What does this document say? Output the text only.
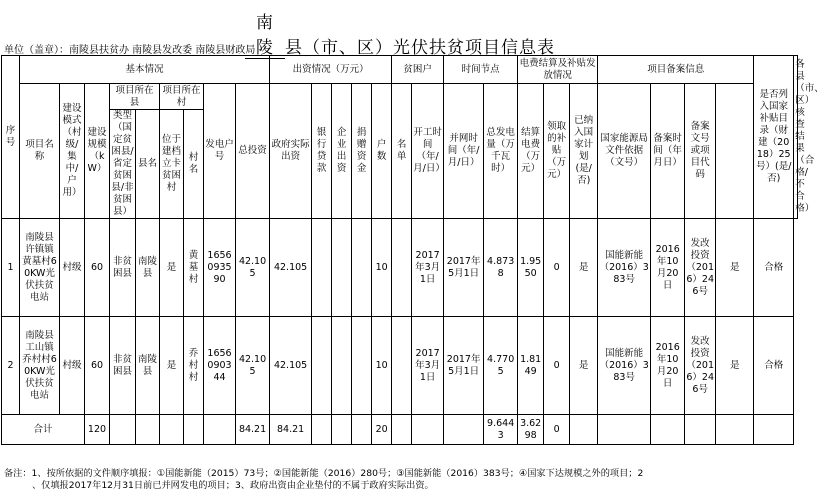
南陵 县（市、区）光伏扶贫项目信息表
单位（盖章）：南陵县扶贫办 南陵县发改委 南陵县财政局
序号	基本情况									出资情况（万元）					贫困户		时间节点		电费结算及补贴发放情况			项目备案信息				是否列入国家补贴目录（财建（2018）25号）(是/否)	各县（市、区）核查结果（合格/不合格）
	项目名称	建设模式（村级/集中/户用）	建设规模（kW）	项目所在县		项目所在村		发电户号	总投资	政府实际出资	银行贷款	企业出资	捐赠资金	户数	名单	开工时间（年/月/日）	并网时间（年/月/日）	总发电量（万千瓦时）	结算电费（万元）	领取的补贴（万元）	已纳入国家计划(是/否)	国家能源局文件依据（文号）	备案时间（年月日）	备案文号或项目代码			
				类型（国定贫困县/省定贫困县/非贫困县）	县名	位于建档立卡贫困村	村名																				

1	南陵县许镇镇黄墓村60KW光伏扶贫电站	村级	60	非贫困县	南陵县	是	黄墓村	1656093590	42.105	42.105				10		2017年3月1日	2017年5月1日	4.8738	1.9550	0	是	国能新能（2016）383号	2016年10月20日	发改投资（2016）246号	是	合格	
2	南陵县工山镇乔村村60KW光伏扶贫电站	村级	60	非贫困县	南陵县	是	乔村村	1656090344	42.105	42.105				10		2017年3月1日	2017年5月1日	4.7705	1.8149	0	是	国能新能（2016）383号	2016年10月20日	发改投资（2016）246号	是	合格	
合计			120						84.21	84.21				20				9.6443	3.6298	0							
备注：1、按所依据的文件顺序填报：①国能新能（2015）73号；②国能新能（2016）280号；③国能新能（2016）383号；④国家下达规模之外的项目；2
、仅填报2017年12月31日前已并网发电的项目；3、政府出资由企业垫付的不属于政府实际出资。
